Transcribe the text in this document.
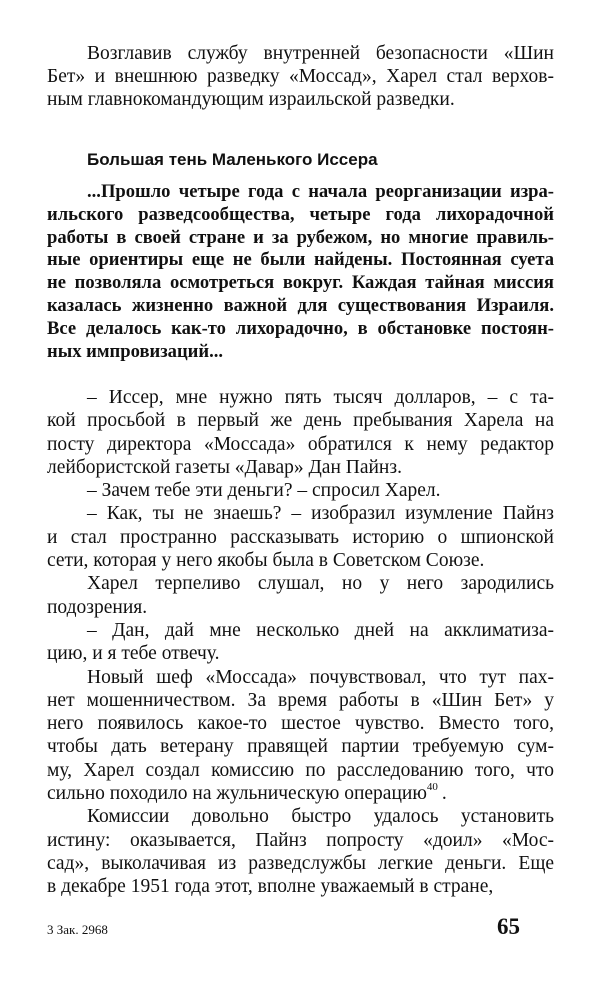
Возглавив службу внутренней безопасности «Шин
Бет» и внешнюю разведку «Моссад», Харел стал верхов-
ным главнокомандующим израильской разведки.
Большая тень Маленького Иссера
...Прошло четыре года с начала реорганизации изра-
ильского разведсообщества, четыре года лихорадочной
работы в своей стране и за рубежом, но многие правиль-
ные ориентиры еще не были найдены. Постоянная суета
не позволяла осмотреться вокруг. Каждая тайная миссия
казалась жизненно важной для существования Израиля.
Все делалось как-то лихорадочно, в обстановке постоян-
ных импровизаций...
– Иссер, мне нужно пять тысяч долларов, – с та-
кой просьбой в первый же день пребывания Харела на
посту директора «Моссада» обратился к нему редактор
лейбористской газеты «Давар» Дан Пайнз.
– Зачем тебе эти деньги? – спросил Харел.
– Как, ты не знаешь? – изобразил изумление Пайнз
и стал пространно рассказывать историю о шпионской
сети, которая у него якобы была в Советском Союзе.
Харел терпеливо слушал, но у него зародились
подозрения.
– Дан, дай мне несколько дней на акклиматиза-
цию, и я тебе отвечу.
Новый шеф «Моссада» почувствовал, что тут пах-
нет мошенничеством. За время работы в «Шин Бет» у
него появилось какое-то шестое чувство. Вместо того,
чтобы дать ветерану правящей партии требуемую сум-
му, Харел создал комиссию по расследованию того, что
сильно походило на жульническую операцию$^{40}$ .
Комиссии довольно быстро удалось установить
истину: оказывается, Пайнз попросту «доил» «Мос-
сад», выколачивая из разведслужбы легкие деньги. Еще
в декабре 1951 года этот, вполне уважаемый в стране,
3 Зак. 2968	65
